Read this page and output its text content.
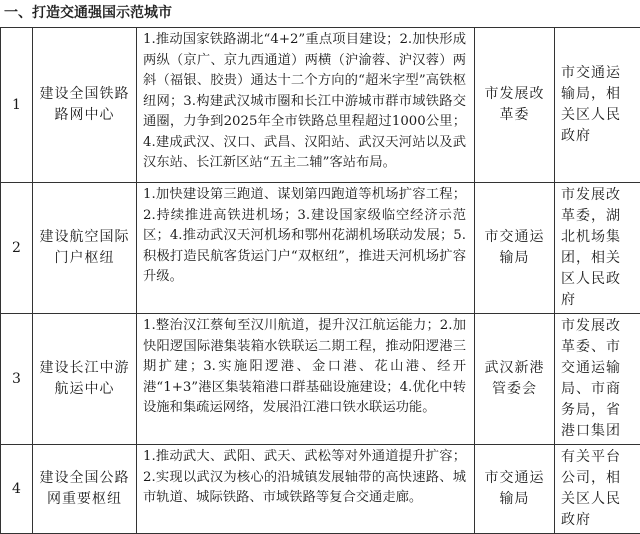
一、打造交通强国示范城市
1	建设全国铁路路网中心	1.推动国家铁路湖北“4+2”重点项目建设；2.加快形成两纵（京广、京九西通道）两横（沪渝蓉、沪汉蓉）两斜（福银、胶贵）通达十二个方向的“超米字型”高铁枢纽网；3.构建武汉城市圈和长江中游城市群市域铁路交通圈，力争到2025年全市铁路总里程超过1000公里；4.建成武汉、汉口、武昌、汉阳站、武汉天河站以及武汉东站、长江新区站“五主二辅”客站布局。	市发展改革委	市交通运输局，相关区人民政府
2	建设航空国际门户枢纽	1.加快建设第三跑道、谋划第四跑道等机场扩容工程；2.持续推进高铁进机场；3.建设国家级临空经济示范区；4.推动武汉天河机场和鄂州花湖机场联动发展；5.积极打造民航客货运门户“双枢纽”，推进天河机场扩容升级。	市交通运输局	市发展改革委，湖北机场集团，相关区人民政府
3	建设长江中游航运中心	1.整治汉江蔡甸至汉川航道，提升汉江航运能力；2.加快阳逻国际港集装箱水铁联运二期工程，推动阳逻港三期扩建；3.实施阳逻港、金口港、花山港、经开港“1+3”港区集装箱港口群基础设施建设；4.优化中转设施和集疏运网络，发展沿江港口铁水联运功能。	武汉新港管委会	市发展改革委、市交通运输局、市商务局，省港口集团
4	建设全国公路网重要枢纽	1.推动武大、武阳、武天、武松等对外通道提升扩容；2.实现以武汉为核心的沿城镇发展轴带的高快速路、城市轨道、城际铁路、市域铁路等复合交通走廊。	市交通运输局	有关平台公司，相关区人民政府
